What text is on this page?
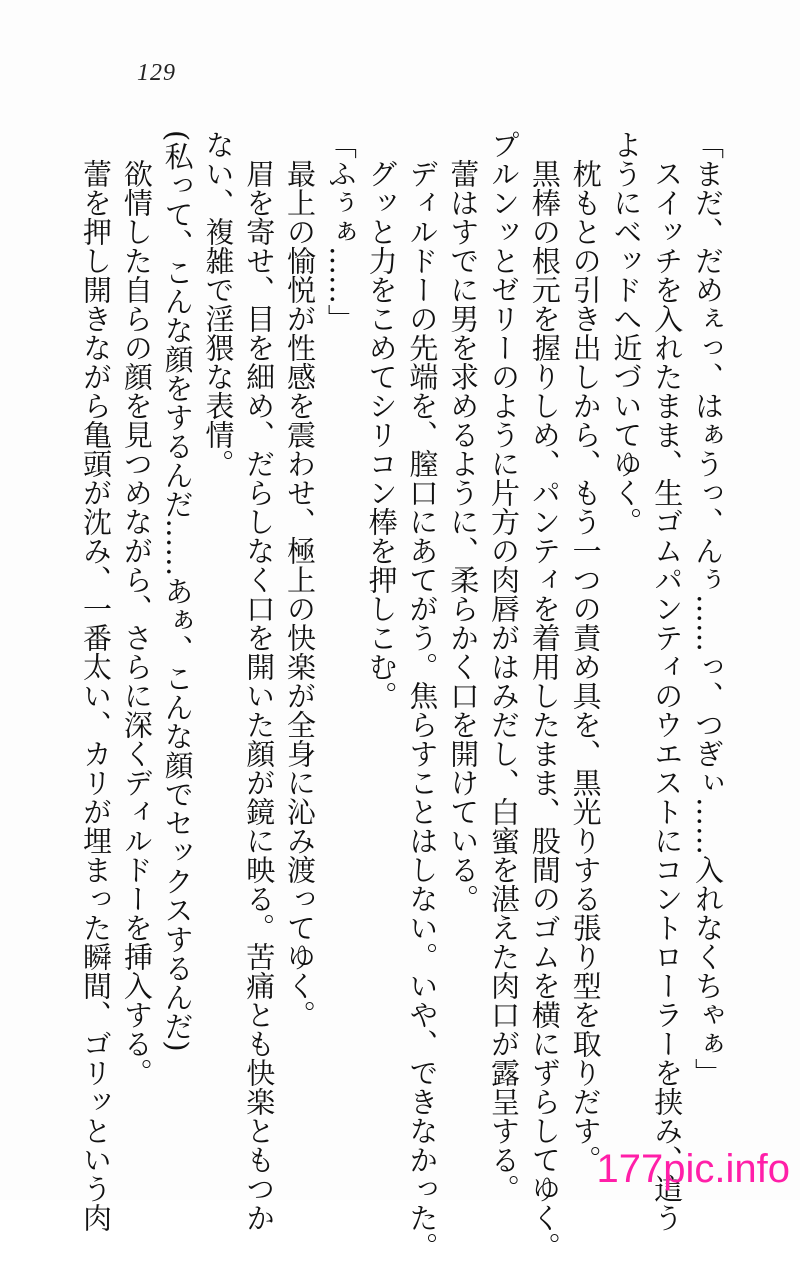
129
「まだ、だめぇっ、はぁうっ、んぅ……っ、つぎぃ……入れなくちゃぁ」
スイッチを入れたまま、生ゴムパンティのウエストにコントローラーを挟み、這う
ようにベッドへ近づいてゆく。
枕もとの引き出しから、もう一つの責め具を、黒光りする張り型を取りだす。
黒棒の根元を握りしめ、パンティを着用したまま、股間のゴムを横にずらしてゆく。
プルンッとゼリーのように片方の肉唇がはみだし、白蜜を湛えた肉口が露呈する。
蕾はすでに男を求めるように、柔らかく口を開けている。
ディルドーの先端を、膣口にあてがう。焦らすことはしない。いや、できなかった。
グッと力をこめてシリコン棒を押しこむ。
「ふぅぁ……」
最上の愉悦が性感を震わせ、極上の快楽が全身に沁み渡ってゆく。
眉を寄せ、目を細め、だらしなく口を開いた顔が鏡に映る。苦痛とも快楽ともつか
ない、複雑で淫猥な表情。
(私って、こんな顔をするんだ……あぁ、こんな顔でセックスするんだ)
欲情した自らの顔を見つめながら、さらに深くディルドーを挿入する。
蕾を押し開きながら亀頭が沈み、一番太い、カリが埋まった瞬間、ゴリッという肉	177pic.info
